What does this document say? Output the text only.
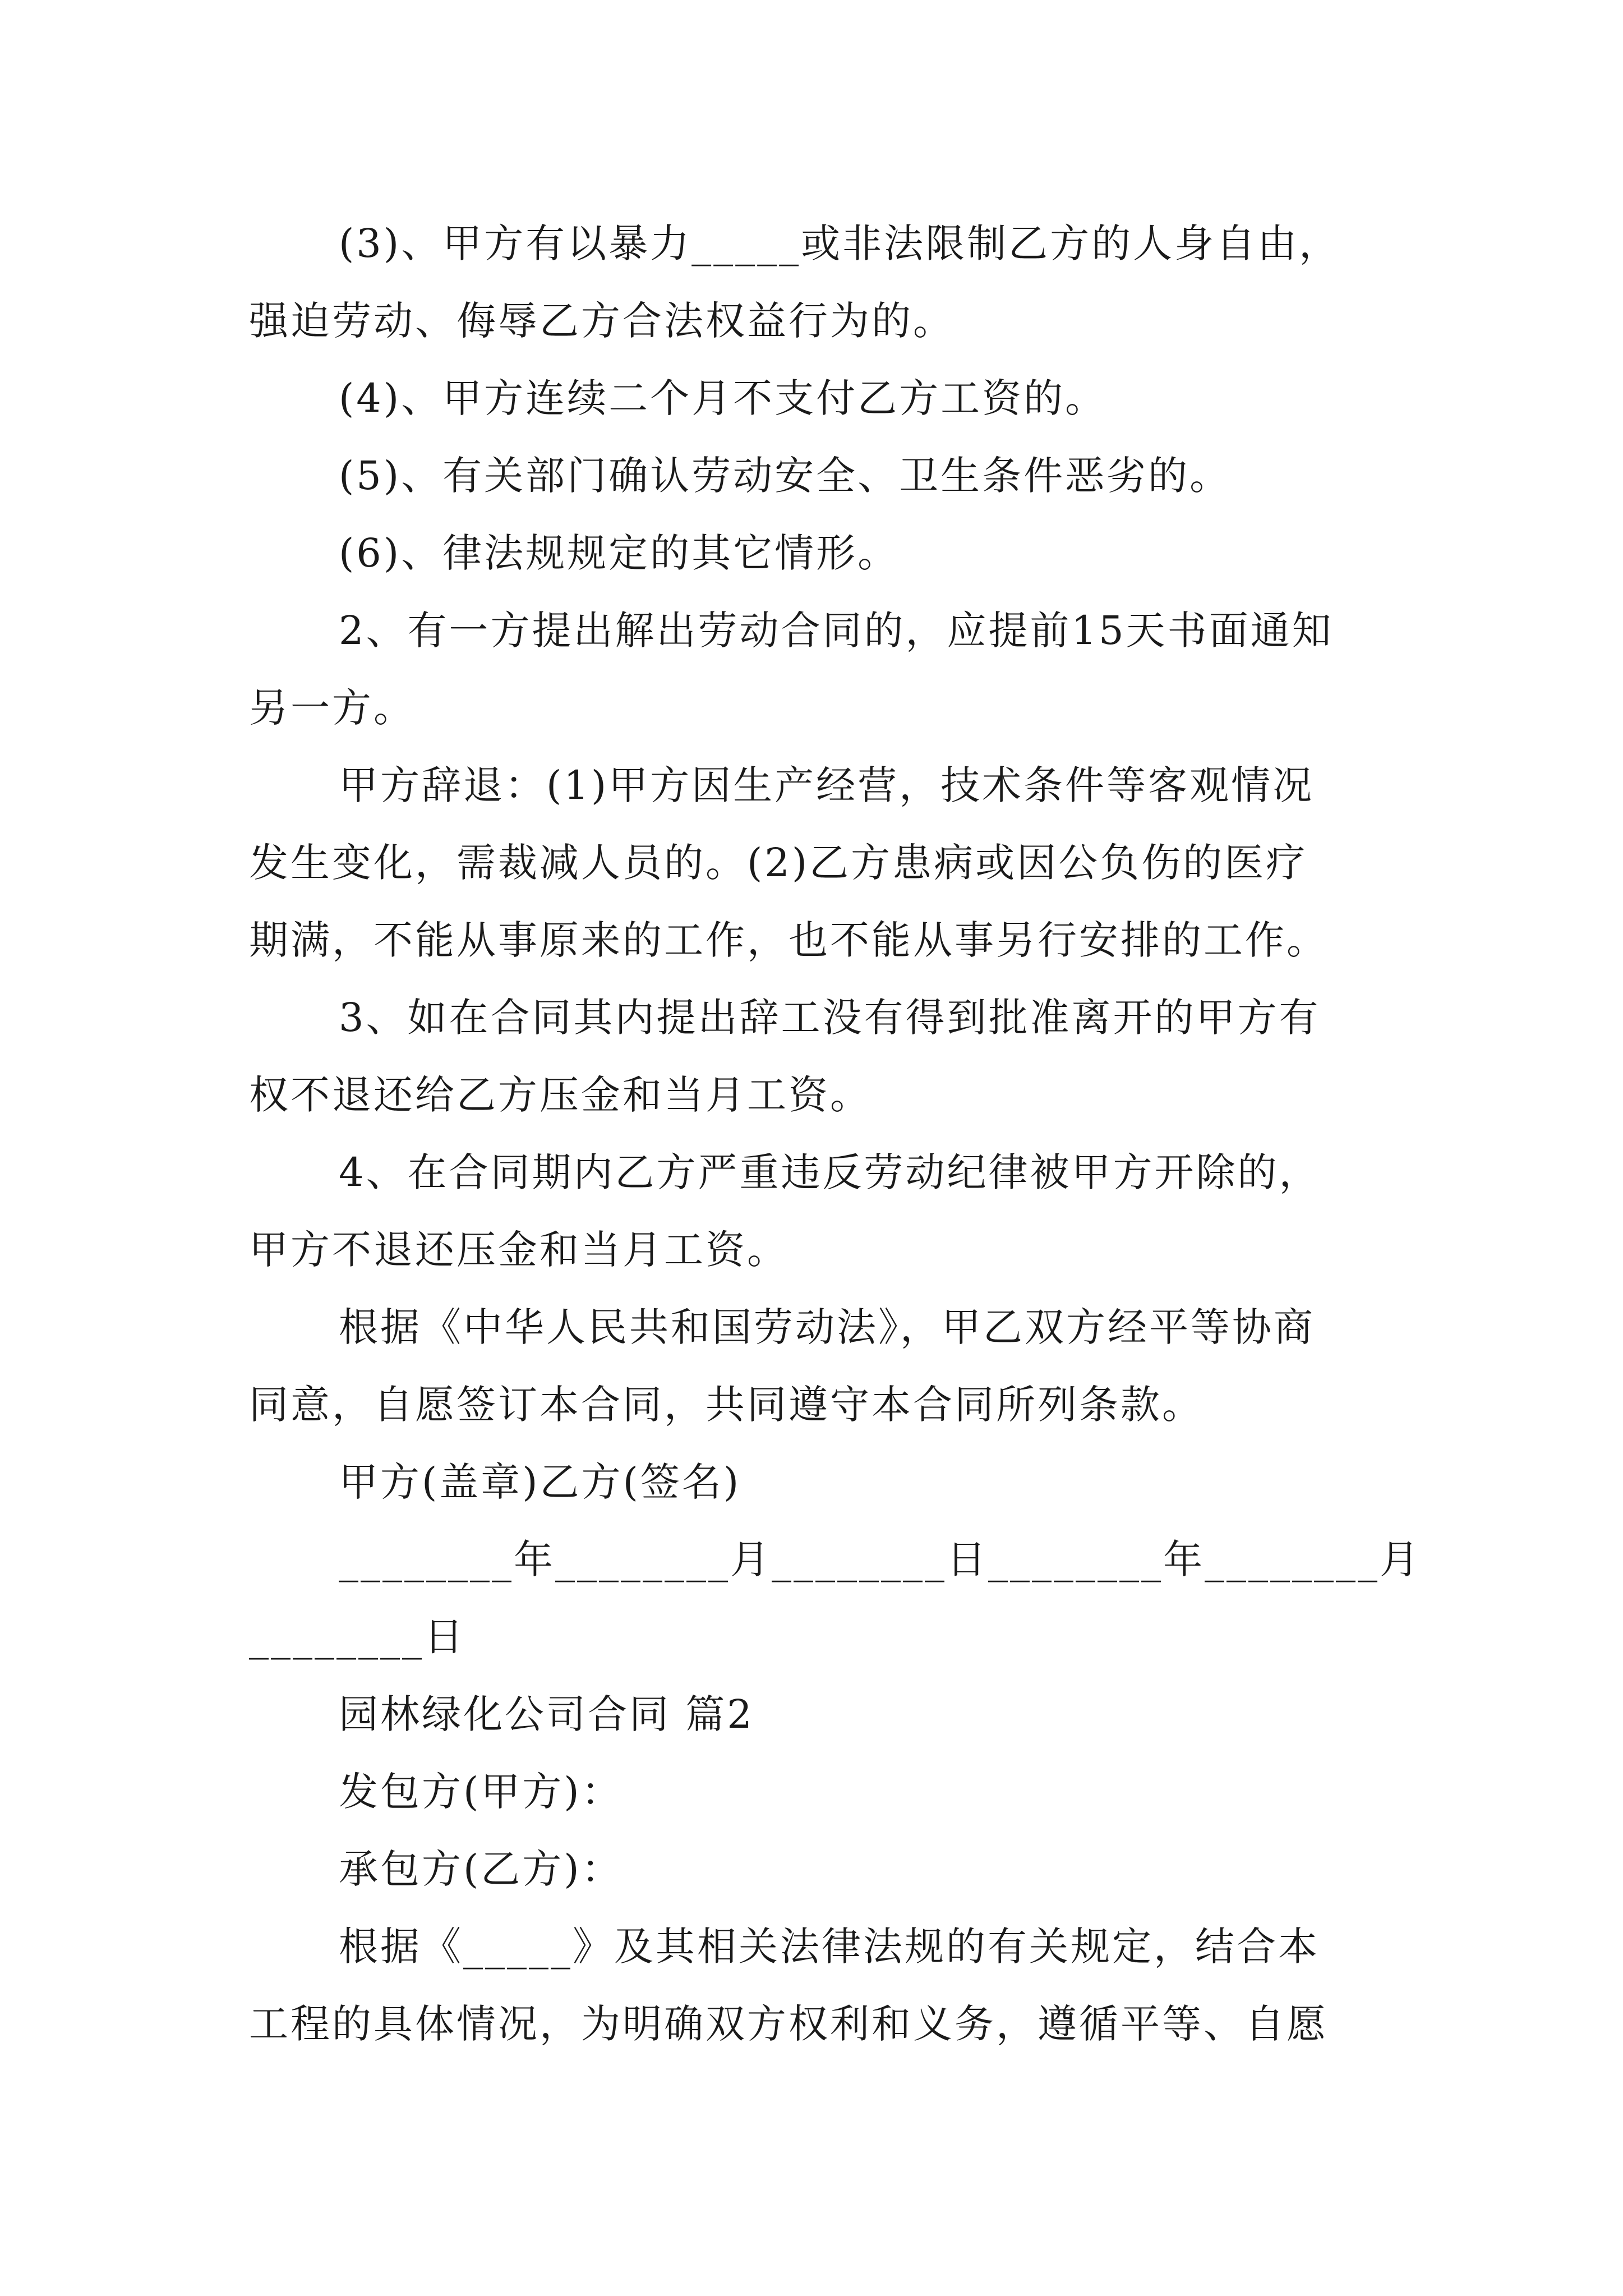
(3)、甲方有以暴力_____或非法限制乙方的人身自由，
强迫劳动、侮辱乙方合法权益行为的。
(4)、甲方连续二个月不支付乙方工资的。
(5)、有关部门确认劳动安全、卫生条件恶劣的。
(6)、律法规规定的其它情形。
2、有一方提出解出劳动合同的，应提前15天书面通知
另一方。
甲方辞退：(1)甲方因生产经营，技术条件等客观情况
发生变化，需裁减人员的。(2)乙方患病或因公负伤的医疗
期满，不能从事原来的工作，也不能从事另行安排的工作。
3、如在合同其内提出辞工没有得到批准离开的甲方有
权不退还给乙方压金和当月工资。
4、在合同期内乙方严重违反劳动纪律被甲方开除的，
甲方不退还压金和当月工资。
根据《中华人民共和国劳动法》，甲乙双方经平等协商
同意，自愿签订本合同，共同遵守本合同所列条款。
甲方(盖章)乙方(签名)
________年________月________日________年________月
________日
园林绿化公司合同 篇2
发包方(甲方)：
承包方(乙方)：
根据《_____》及其相关法律法规的有关规定，结合本
工程的具体情况，为明确双方权利和义务，遵循平等、自愿
